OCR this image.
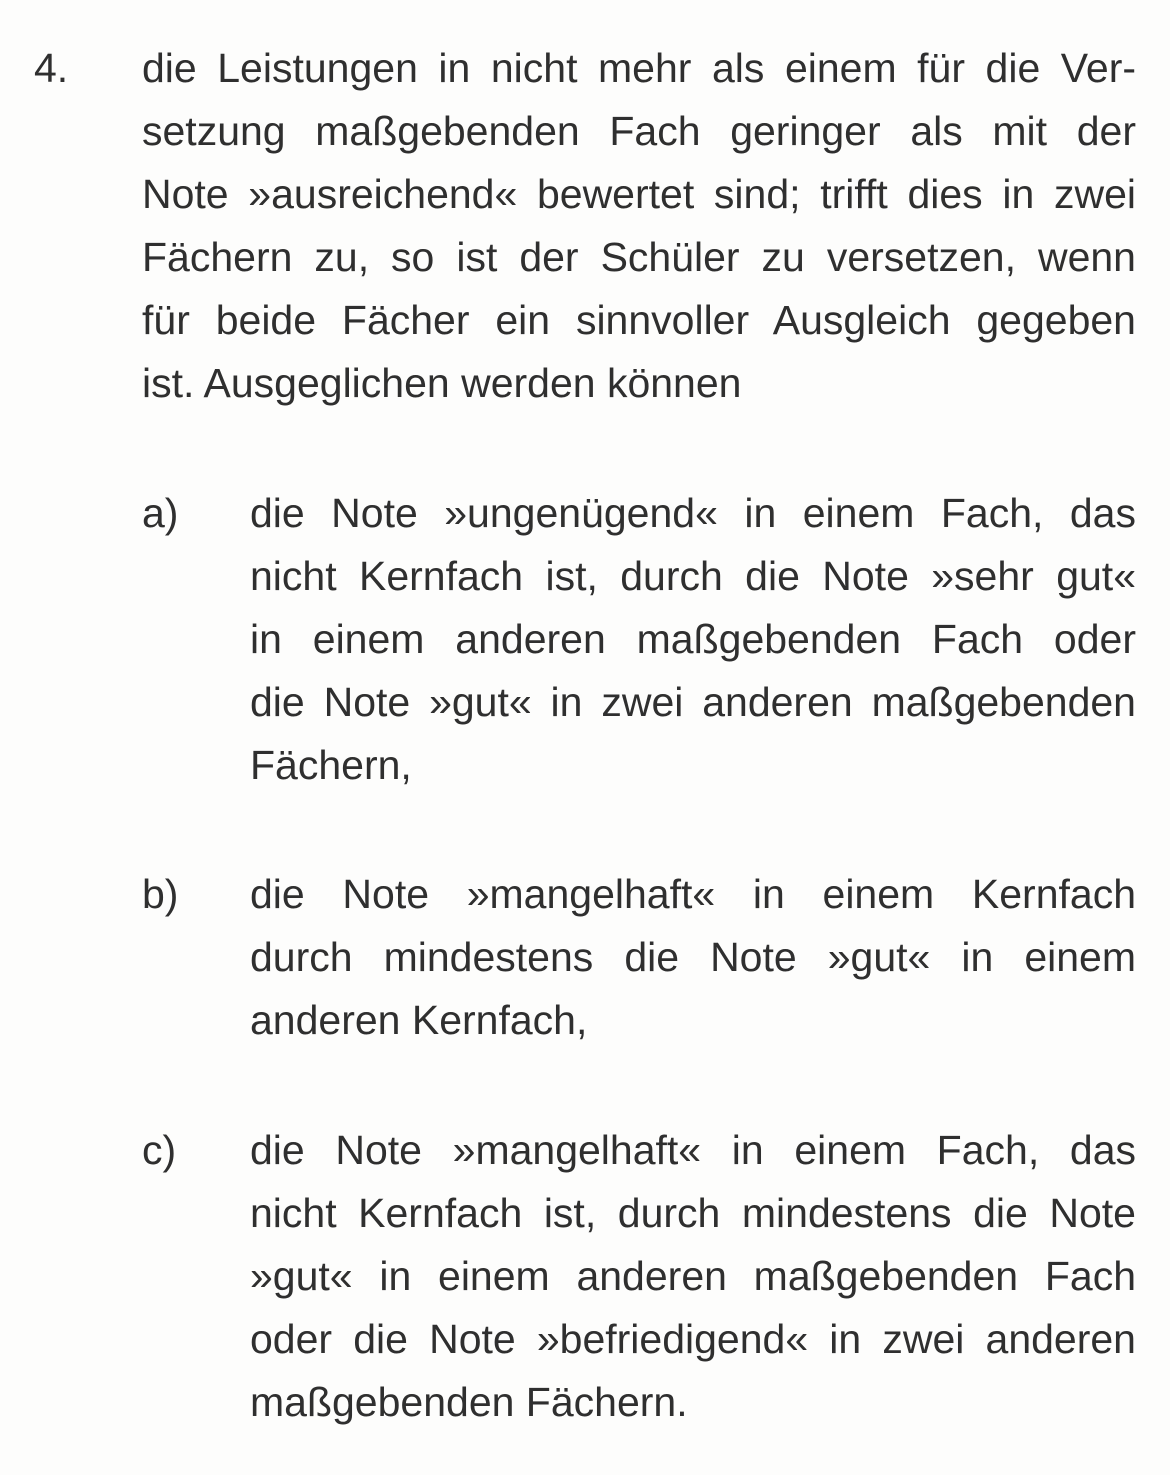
4. die Leistungen in nicht mehr als einem für die Ver-
setzung maßgebenden Fach geringer als mit der
Note »ausreichend« bewertet sind; trifft dies in zwei
Fächern zu, so ist der Schüler zu versetzen, wenn
für beide Fächer ein sinnvoller Ausgleich gegeben
ist. Ausgeglichen werden können
a) die Note »ungenügend« in einem Fach, das
nicht Kernfach ist, durch die Note »sehr gut«
in einem anderen maßgebenden Fach oder
die Note »gut« in zwei anderen maßgebenden
Fächern,
b) die Note »mangelhaft« in einem Kernfach
durch mindestens die Note »gut« in einem
anderen Kernfach,
c) die Note »mangelhaft« in einem Fach, das
nicht Kernfach ist, durch mindestens die Note
»gut« in einem anderen maßgebenden Fach
oder die Note »befriedigend« in zwei anderen
maßgebenden Fächern.
